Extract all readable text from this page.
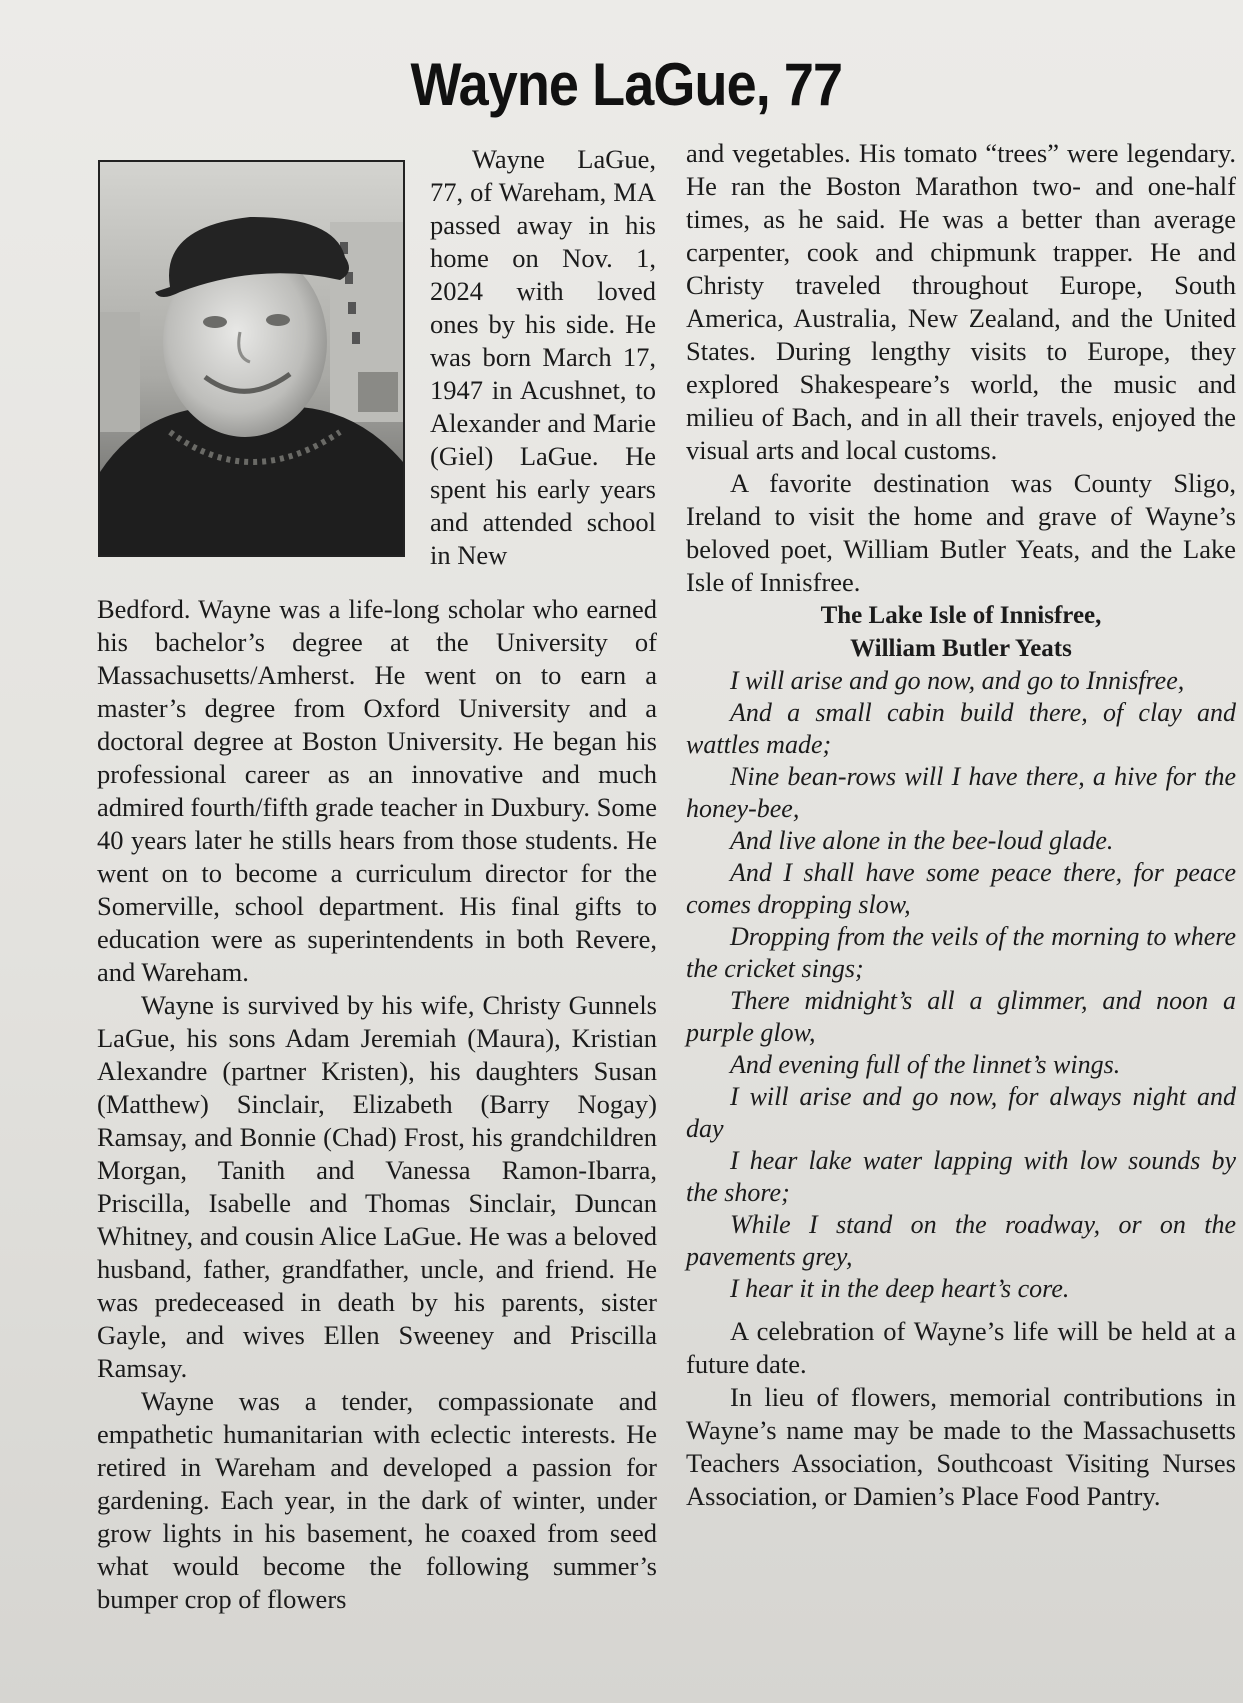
Wayne LaGue, 77

Wayne LaGue, 77, of Wareham, MA passed away in his home on Nov. 1, 2024 with loved ones by his side. He was born March 17, 1947 in Acushnet, to Alexander and Marie (Giel) LaGue. He spent his early years and attended school in New

Bedford. Wayne was a life-long scholar who earned his bachelor’s degree at the University of Massachusetts/Amherst. He went on to earn a master’s degree from Oxford University and a doctoral degree at Boston University. He began his professional career as an innovative and much admired fourth/fifth grade teacher in Duxbury. Some 40 years later he stills hears from those students. He went on to become a curriculum director for the Somerville, school department. His final gifts to education were as superintendents in both Revere, and Wareham.

Wayne is survived by his wife, Christy Gunnels LaGue, his sons Adam Jeremiah (Maura), Kristian Alexandre (partner Kristen), his daughters Susan (Matthew) Sinclair, Elizabeth (Barry Nogay) Ramsay, and Bonnie (Chad) Frost, his grandchildren Morgan, Tanith and Vanessa Ramon-Ibarra, Priscilla, Isabelle and Thomas Sinclair, Duncan Whitney, and cousin Alice LaGue. He was a beloved husband, father, grandfather, uncle, and friend. He was predeceased in death by his parents, sister Gayle, and wives Ellen Sweeney and Priscilla Ramsay.

Wayne was a tender, compassionate and empathetic humanitarian with eclectic interests. He retired in Wareham and developed a passion for gardening. Each year, in the dark of winter, under grow lights in his basement, he coaxed from seed what would become the following summer’s bumper crop of flowers

and vegetables. His tomato “trees” were legendary. He ran the Boston Marathon two- and one-half times, as he said. He was a better than average carpenter, cook and chipmunk trapper. He and Christy traveled throughout Europe, South America, Australia, New Zealand, and the United States. During lengthy visits to Europe, they explored Shakespeare’s world, the music and milieu of Bach, and in all their travels, enjoyed the visual arts and local customs.

A favorite destination was County Sligo, Ireland to visit the home and grave of Wayne’s beloved poet, William Butler Yeats, and the Lake Isle of Innisfree.

The Lake Isle of Innisfree,
William Butler Yeats

I will arise and go now, and go to Innisfree,

And a small cabin build there, of clay and wattles made;

Nine bean-rows will I have there, a hive for the honey-bee,

And live alone in the bee-loud glade.

And I shall have some peace there, for peace comes dropping slow,

Dropping from the veils of the morning to where the cricket sings;

There midnight’s all a glimmer, and noon a purple glow,

And evening full of the linnet’s wings.

I will arise and go now, for always night and day

I hear lake water lapping with low sounds by the shore;

While I stand on the roadway, or on the pavements grey,

I hear it in the deep heart’s core.

A celebration of Wayne’s life will be held at a future date.

In lieu of flowers, memorial contributions in Wayne’s name may be made to the Massachusetts Teachers Association, Southcoast Visiting Nurses Association, or Damien’s Place Food Pantry.
